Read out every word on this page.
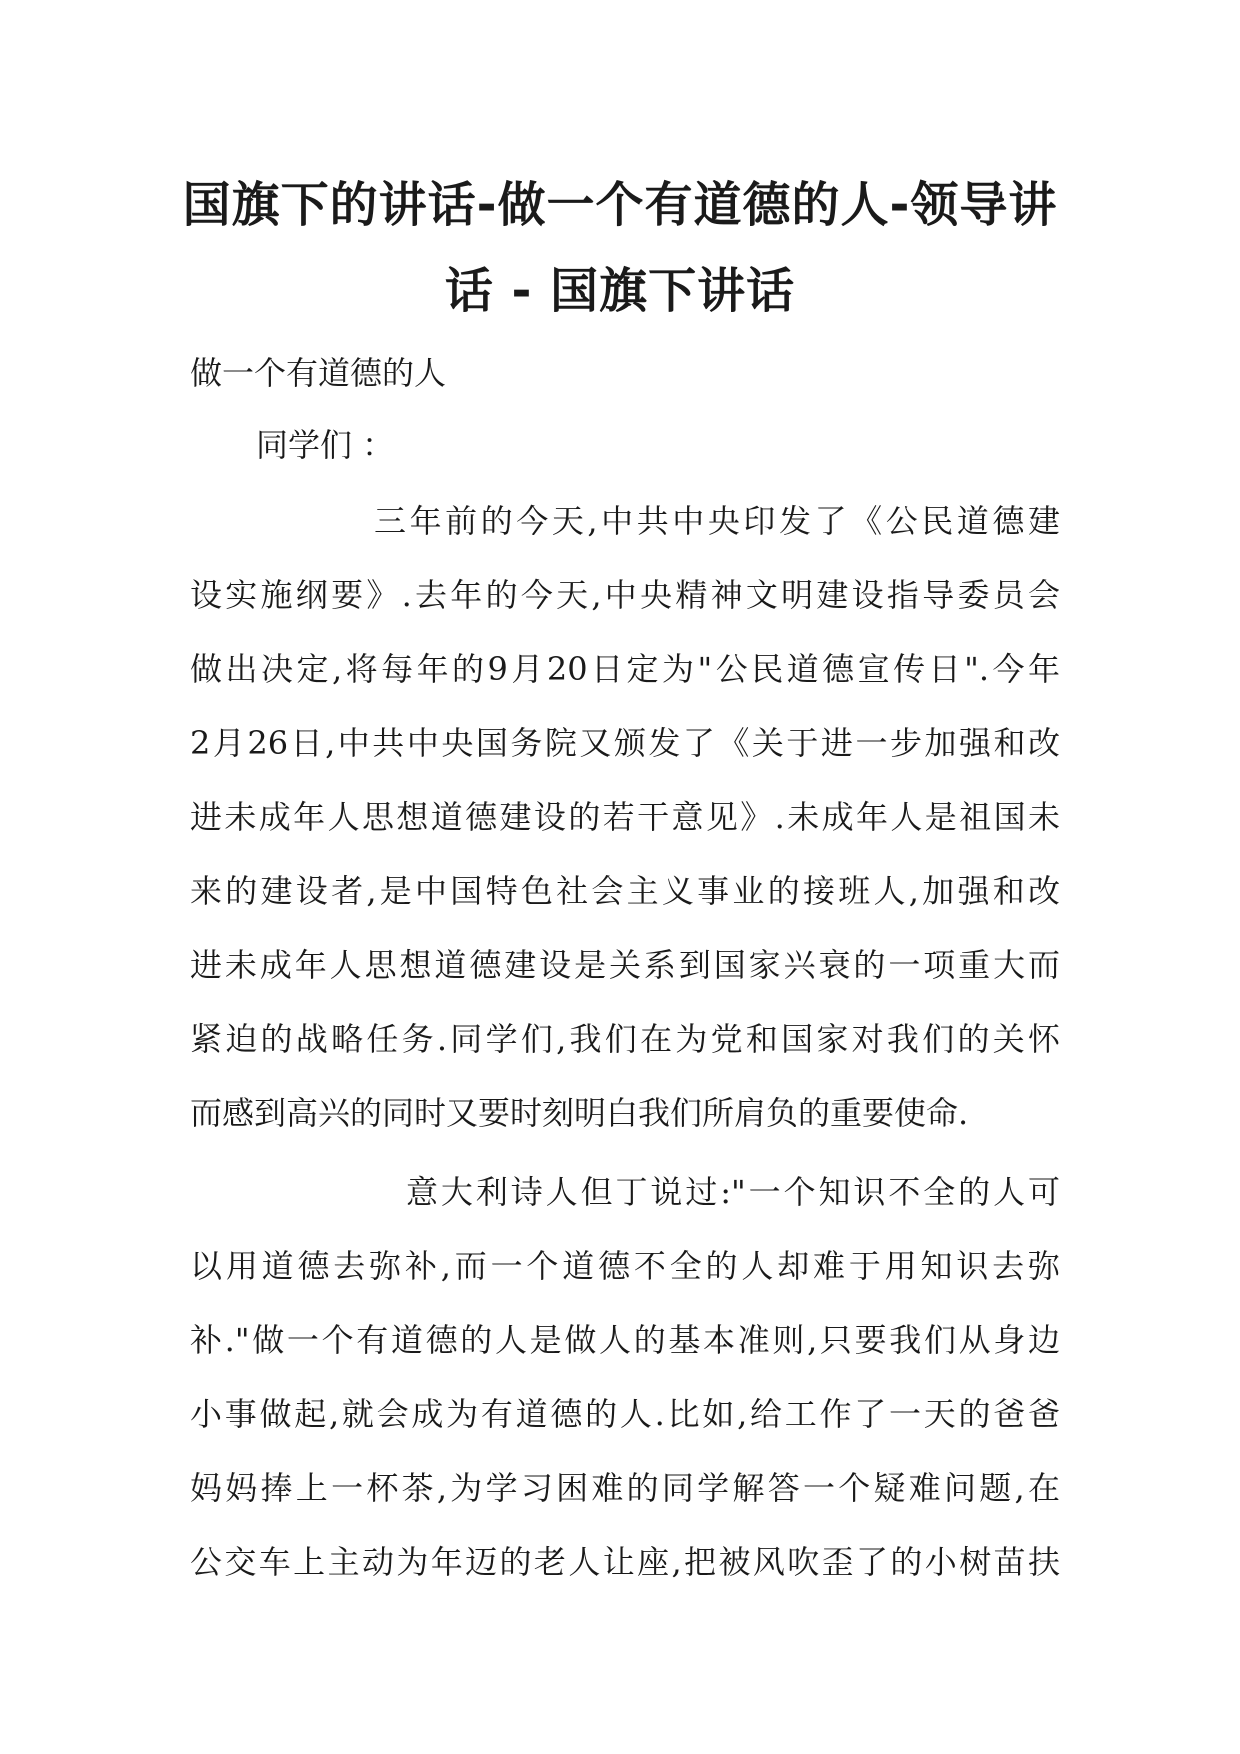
国旗下的讲话-做一个有道德的人-领导讲
话 - 国旗下讲话

做一个有道德的人

同学们 ：

三年前的今天,中共中央印发了《公民道德建
设实施纲要》.去年的今天,中央精神文明建设指导委员会
做出决定,将每年的9月20日定为"公民道德宣传日".今年
2月26日,中共中央国务院又颁发了《关于进一步加强和改
进未成年人思想道德建设的若干意见》.未成年人是祖国未
来的建设者,是中国特色社会主义事业的接班人,加强和改
进未成年人思想道德建设是关系到国家兴衰的一项重大而
紧迫的战略任务.同学们,我们在为党和国家对我们的关怀
而感到高兴的同时又要时刻明白我们所肩负的重要使命.
意大利诗人但丁说过:"一个知识不全的人可
以用道德去弥补,而一个道德不全的人却难于用知识去弥
补."做一个有道德的人是做人的基本准则,只要我们从身边
小事做起,就会成为有道德的人.比如,给工作了一天的爸爸
妈妈捧上一杯茶,为学习困难的同学解答一个疑难问题,在
公交车上主动为年迈的老人让座,把被风吹歪了的小树苗扶
